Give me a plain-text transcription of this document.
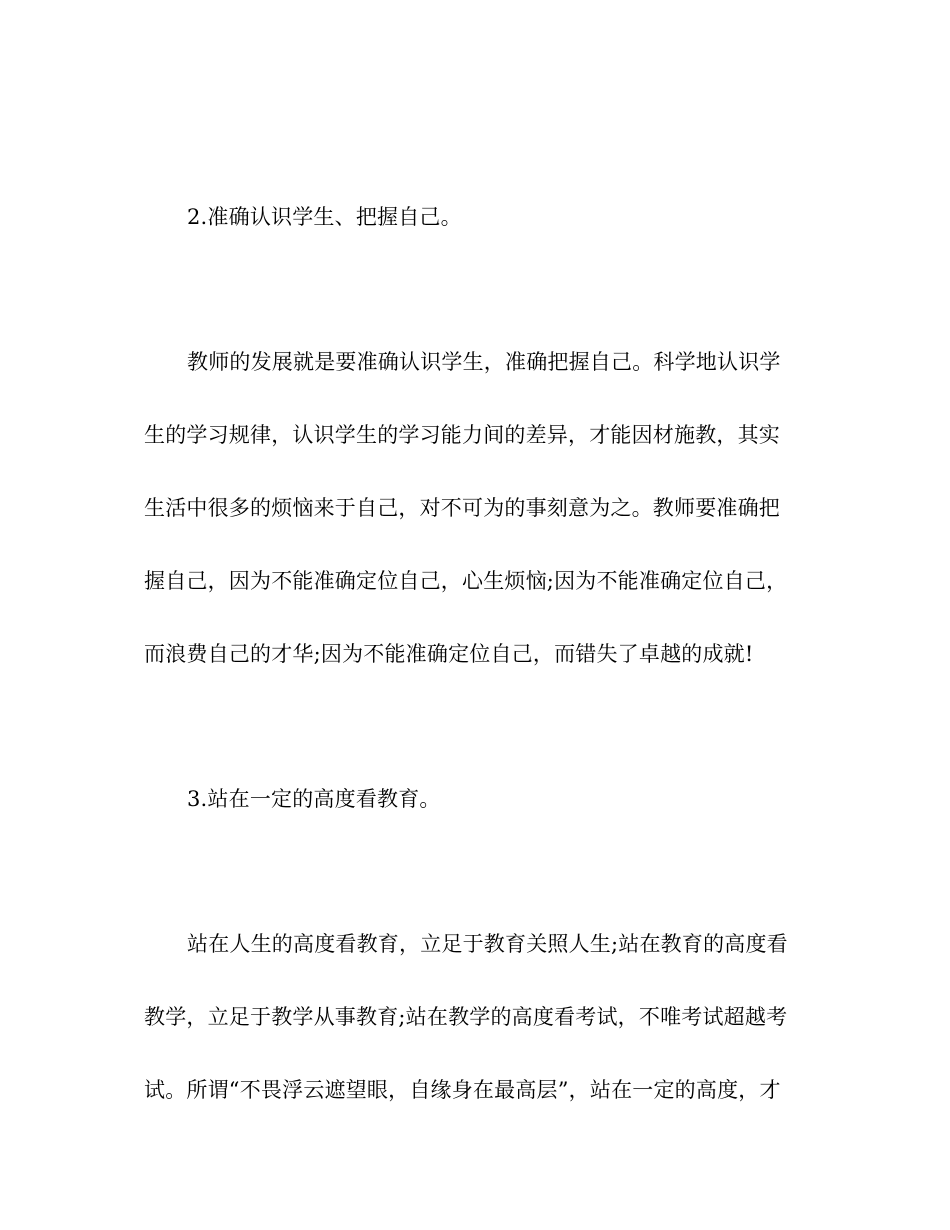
2.准确认识学生、把握自己。
教师的发展就是要准确认识学生，准确把握自己。科学地认识学
生的学习规律，认识学生的学习能力间的差异，才能因材施教，其实
生活中很多的烦恼来于自己，对不可为的事刻意为之。教师要准确把
握自己，因为不能准确定位自己，心生烦恼;因为不能准确定位自己，
而浪费自己的才华;因为不能准确定位自己，而错失了卓越的成就!
3.站在一定的高度看教育。
站在人生的高度看教育，立足于教育关照人生;站在教育的高度看
教学，立足于教学从事教育;站在教学的高度看考试，不唯考试超越考
试。所谓“不畏浮云遮望眼，自缘身在最高层”，站在一定的高度，才
